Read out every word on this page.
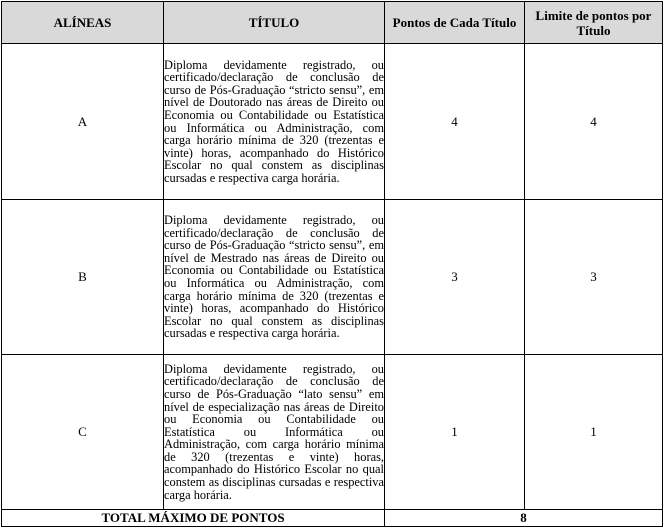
ALÍNEAS	TÍTULO	Pontos de Cada Título	Limite de pontos por Título

A	Diploma devidamente registrado, ou certificado/declaração de conclusão de curso de Pós-Graduação “stricto sensu”, em nível de Doutorado nas áreas de Direito ou Economia ou Contabilidade ou Estatística ou Informática ou Administração, com carga horário mínima de 320 (trezentas e vinte) horas, acompanhado do Histórico Escolar no qual constem as disciplinas cursadas e respectiva carga horária.	4	4
B	Diploma devidamente registrado, ou certificado/declaração de conclusão de curso de Pós-Graduação “stricto sensu”, em nível de Mestrado nas áreas de Direito ou Economia ou Contabilidade ou Estatística ou Informática ou Administração, com carga horário mínima de 320 (trezentas e vinte) horas, acompanhado do Histórico Escolar no qual constem as disciplinas cursadas e respectiva carga horária.	3	3
C	Diploma devidamente registrado, ou certificado/declaração de conclusão de curso de Pós-Graduação “lato sensu” em nível de especialização nas áreas de Direito ou Economia ou Contabilidade ou Estatística ou Informática ou Administração, com carga horário mínima de 320 (trezentas e vinte) horas, acompanhado do Histórico Escolar no qual constem as disciplinas cursadas e respectiva carga horária.	1	1
TOTAL MÁXIMO DE PONTOS		8	
